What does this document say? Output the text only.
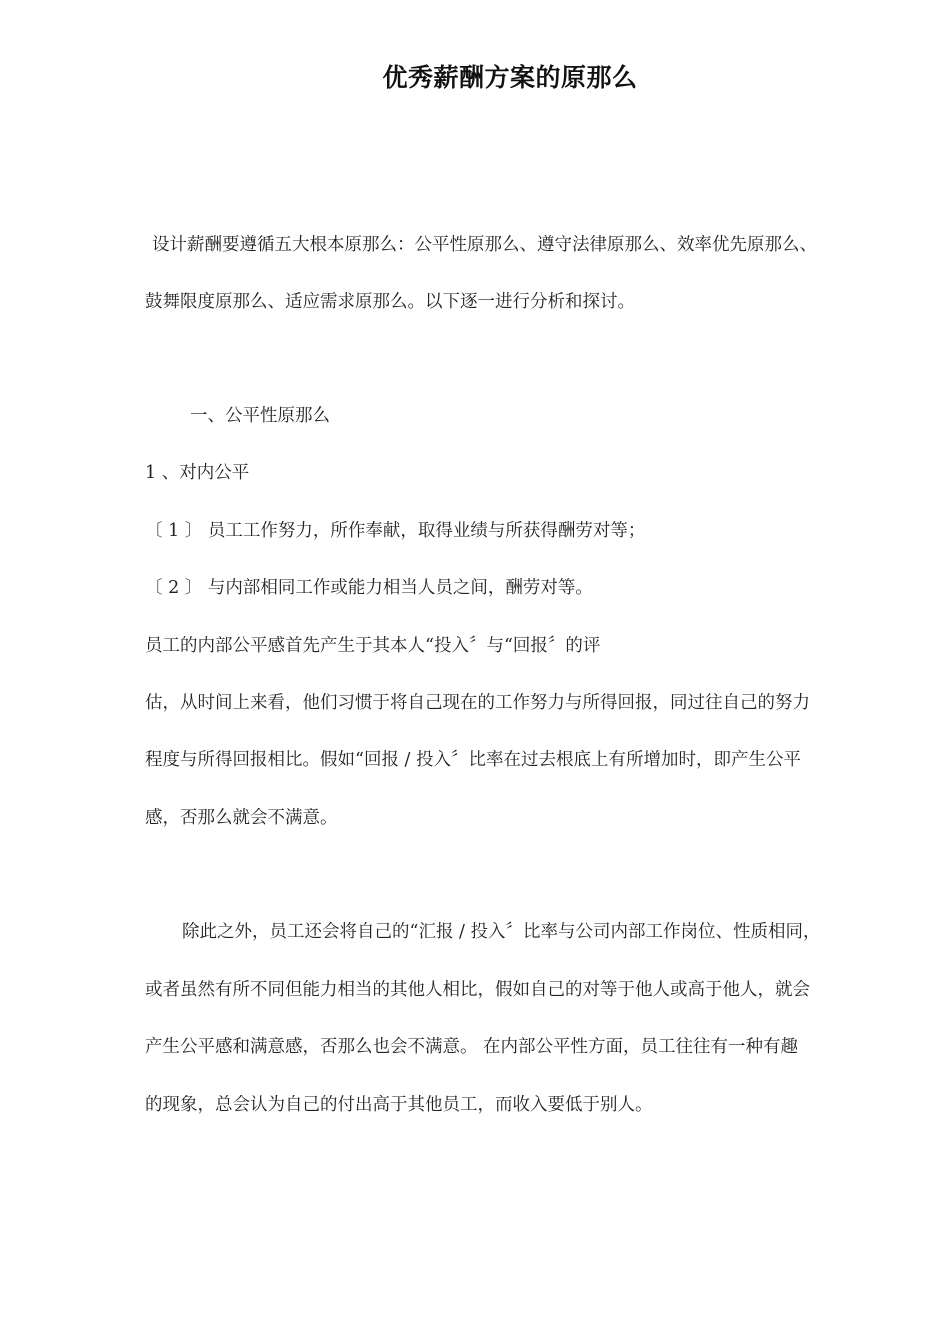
优秀薪酬方案的原那么
设计薪酬要遵循五大根本原那么：公平性原那么、遵守法律原那么、效率优先原那么、
鼓舞限度原那么、适应需求原那么。以下逐一进行分析和探讨。
一、公平性原那么
1 、对内公平
〔 1 〕 员工工作努力，所作奉献，取得业绩与所获得酬劳对等；
〔 2 〕 与内部相同工作或能力相当人员之间，酬劳对等。
员工的内部公平感首先产生于其本人“投入〞与“回报〞的评
估，从时间上来看，他们习惯于将自己现在的工作努力与所得回报，同过往自己的努力
程度与所得回报相比。假如“回报 / 投入〞比率在过去根底上有所增加时，即产生公平
感，否那么就会不满意。
除此之外，员工还会将自己的“汇报 / 投入〞比率与公司内部工作岗位、性质相同，
或者虽然有所不同但能力相当的其他人相比，假如自己的对等于他人或高于他人，就会
产生公平感和满意感，否那么也会不满意。 在内部公平性方面，员工往往有一种有趣
的现象，总会认为自己的付出高于其他员工，而收入要低于别人。
